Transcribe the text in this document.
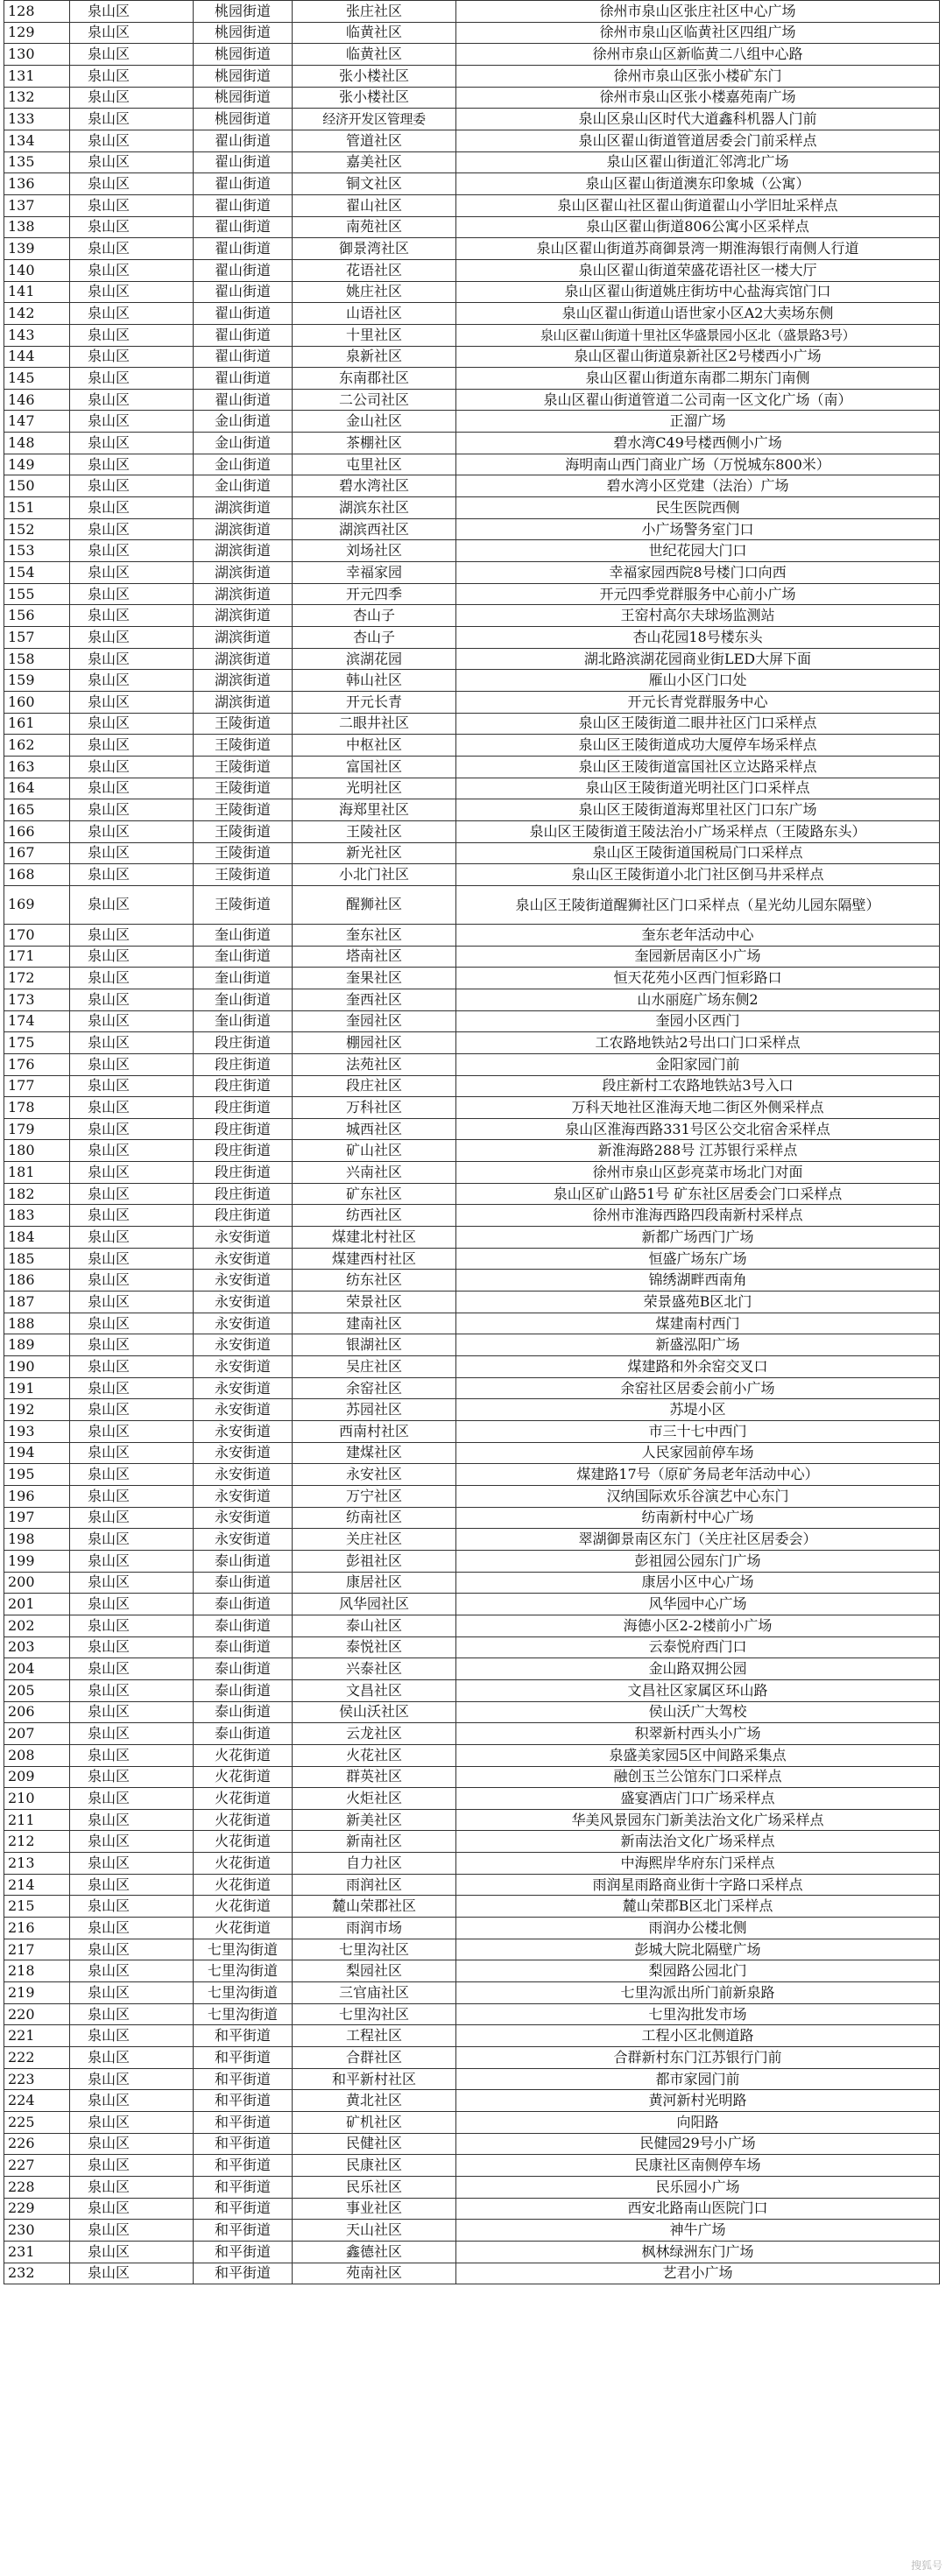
128	泉山区	桃园街道	张庄社区	徐州市泉山区张庄社区中心广场
129	泉山区	桃园街道	临黄社区	徐州市泉山区临黄社区四组广场
130	泉山区	桃园街道	临黄社区	徐州市泉山区新临黄二八组中心路
131	泉山区	桃园街道	张小楼社区	徐州市泉山区张小楼矿东门
132	泉山区	桃园街道	张小楼社区	徐州市泉山区张小楼嘉苑南广场
133	泉山区	桃园街道	经济开发区管理委	泉山区泉山区时代大道鑫科机器人门前
134	泉山区	翟山街道	管道社区	泉山区翟山街道管道居委会门前采样点
135	泉山区	翟山街道	嘉美社区	泉山区翟山街道汇邻湾北广场
136	泉山区	翟山街道	铜文社区	泉山区翟山街道澳东印象城（公寓）
137	泉山区	翟山街道	翟山社区	泉山区翟山社区翟山街道翟山小学旧址采样点
138	泉山区	翟山街道	南苑社区	泉山区翟山街道806公寓小区采样点
139	泉山区	翟山街道	御景湾社区	泉山区翟山街道苏商御景湾一期淮海银行南侧人行道
140	泉山区	翟山街道	花语社区	泉山区翟山街道荣盛花语社区一楼大厅
141	泉山区	翟山街道	姚庄社区	泉山区翟山街道姚庄街坊中心盐海宾馆门口
142	泉山区	翟山街道	山语社区	泉山区翟山街道山语世家小区A2大卖场东侧
143	泉山区	翟山街道	十里社区	泉山区翟山街道十里社区华盛景园小区北（盛景路3号）
144	泉山区	翟山街道	泉新社区	泉山区翟山街道泉新社区2号楼西小广场
145	泉山区	翟山街道	东南郡社区	泉山区翟山街道东南郡二期东门南侧
146	泉山区	翟山街道	二公司社区	泉山区翟山街道管道二公司南一区文化广场（南）
147	泉山区	金山街道	金山社区	正溜广场
148	泉山区	金山街道	茶棚社区	碧水湾C49号楼西侧小广场
149	泉山区	金山街道	屯里社区	海明南山西门商业广场（万悦城东800米）
150	泉山区	金山街道	碧水湾社区	碧水湾小区党建（法治）广场
151	泉山区	湖滨街道	湖滨东社区	民生医院西侧
152	泉山区	湖滨街道	湖滨西社区	小广场警务室门口
153	泉山区	湖滨街道	刘场社区	世纪花园大门口
154	泉山区	湖滨街道	幸福家园	幸福家园西院8号楼门口向西
155	泉山区	湖滨街道	开元四季	开元四季党群服务中心前小广场
156	泉山区	湖滨街道	杏山子	王窑村高尔夫球场监测站
157	泉山区	湖滨街道	杏山子	杏山花园18号楼东头
158	泉山区	湖滨街道	滨湖花园	湖北路滨湖花园商业街LED大屏下面
159	泉山区	湖滨街道	韩山社区	雁山小区门口处
160	泉山区	湖滨街道	开元长青	开元长青党群服务中心
161	泉山区	王陵街道	二眼井社区	泉山区王陵街道二眼井社区门口采样点
162	泉山区	王陵街道	中枢社区	泉山区王陵街道成功大厦停车场采样点
163	泉山区	王陵街道	富国社区	泉山区王陵街道富国社区立达路采样点
164	泉山区	王陵街道	光明社区	泉山区王陵街道光明社区门口采样点
165	泉山区	王陵街道	海郑里社区	泉山区王陵街道海郑里社区门口东广场
166	泉山区	王陵街道	王陵社区	泉山区王陵街道王陵法治小广场采样点（王陵路东头）
167	泉山区	王陵街道	新光社区	泉山区王陵街道国税局门口采样点
168	泉山区	王陵街道	小北门社区	泉山区王陵街道小北门社区倒马井采样点
169	泉山区	王陵街道	醒狮社区	泉山区王陵街道醒狮社区门口采样点（星光幼儿园东隔壁）
170	泉山区	奎山街道	奎东社区	奎东老年活动中心
171	泉山区	奎山街道	塔南社区	奎园新居南区小广场
172	泉山区	奎山街道	奎果社区	恒天花苑小区西门恒彩路口
173	泉山区	奎山街道	奎西社区	山水丽庭广场东侧2
174	泉山区	奎山街道	奎园社区	奎园小区西门
175	泉山区	段庄街道	棚园社区	工农路地铁站2号出口门口采样点
176	泉山区	段庄街道	法苑社区	金阳家园门前
177	泉山区	段庄街道	段庄社区	段庄新村工农路地铁站3号入口
178	泉山区	段庄街道	万科社区	万科天地社区淮海天地二街区外侧采样点
179	泉山区	段庄街道	城西社区	泉山区淮海西路331号区公交北宿舍采样点
180	泉山区	段庄街道	矿山社区	新淮海路288号 江苏银行采样点
181	泉山区	段庄街道	兴南社区	徐州市泉山区彭亮菜市场北门对面
182	泉山区	段庄街道	矿东社区	泉山区矿山路51号 矿东社区居委会门口采样点
183	泉山区	段庄街道	纺西社区	徐州市淮海西路四段南新村采样点
184	泉山区	永安街道	煤建北村社区	新都广场西门广场
185	泉山区	永安街道	煤建西村社区	恒盛广场东广场
186	泉山区	永安街道	纺东社区	锦绣湖畔西南角
187	泉山区	永安街道	荣景社区	荣景盛苑B区北门
188	泉山区	永安街道	建南社区	煤建南村西门
189	泉山区	永安街道	银湖社区	新盛泓阳广场
190	泉山区	永安街道	吴庄社区	煤建路和外余窑交叉口
191	泉山区	永安街道	余窑社区	余窑社区居委会前小广场
192	泉山区	永安街道	苏园社区	苏堤小区
193	泉山区	永安街道	西南村社区	市三十七中西门
194	泉山区	永安街道	建煤社区	人民家园前停车场
195	泉山区	永安街道	永安社区	煤建路17号（原矿务局老年活动中心）
196	泉山区	永安街道	万宁社区	汉纳国际欢乐谷演艺中心东门
197	泉山区	永安街道	纺南社区	纺南新村中心广场
198	泉山区	永安街道	关庄社区	翠湖御景南区东门（关庄社区居委会）
199	泉山区	泰山街道	彭祖社区	彭祖园公园东门广场
200	泉山区	泰山街道	康居社区	康居小区中心广场
201	泉山区	泰山街道	风华园社区	风华园中心广场
202	泉山区	泰山街道	泰山社区	海德小区2-2楼前小广场
203	泉山区	泰山街道	泰悦社区	云泰悦府西门口
204	泉山区	泰山街道	兴泰社区	金山路双拥公园
205	泉山区	泰山街道	文昌社区	文昌社区家属区环山路
206	泉山区	泰山街道	侯山沃社区	侯山沃广大驾校
207	泉山区	泰山街道	云龙社区	积翠新村西头小广场
208	泉山区	火花街道	火花社区	泉盛美家园5区中间路采集点
209	泉山区	火花街道	群英社区	融创玉兰公馆东门口采样点
210	泉山区	火花街道	火炬社区	盛宴酒店门口广场采样点
211	泉山区	火花街道	新美社区	华美风景园东门新美法治文化广场采样点
212	泉山区	火花街道	新南社区	新南法治文化广场采样点
213	泉山区	火花街道	自力社区	中海熙岸华府东门采样点
214	泉山区	火花街道	雨润社区	雨润星雨路商业街十字路口采样点
215	泉山区	火花街道	麓山荣郡社区	麓山荣郡B区北门采样点
216	泉山区	火花街道	雨润市场	雨润办公楼北侧
217	泉山区	七里沟街道	七里沟社区	彭城大院北隔壁广场
218	泉山区	七里沟街道	梨园社区	梨园路公园北门
219	泉山区	七里沟街道	三官庙社区	七里沟派出所门前新泉路
220	泉山区	七里沟街道	七里沟社区	七里沟批发市场
221	泉山区	和平街道	工程社区	工程小区北侧道路
222	泉山区	和平街道	合群社区	合群新村东门江苏银行门前
223	泉山区	和平街道	和平新村社区	都市家园门前
224	泉山区	和平街道	黄北社区	黄河新村光明路
225	泉山区	和平街道	矿机社区	向阳路
226	泉山区	和平街道	民健社区	民健园29号小广场
227	泉山区	和平街道	民康社区	民康社区南侧停车场
228	泉山区	和平街道	民乐社区	民乐园小广场
229	泉山区	和平街道	事业社区	西安北路南山医院门口
230	泉山区	和平街道	天山社区	神牛广场
231	泉山区	和平街道	鑫德社区	枫林绿洲东门广场
232	泉山区	和平街道	苑南社区	艺君小广场
搜狐号
